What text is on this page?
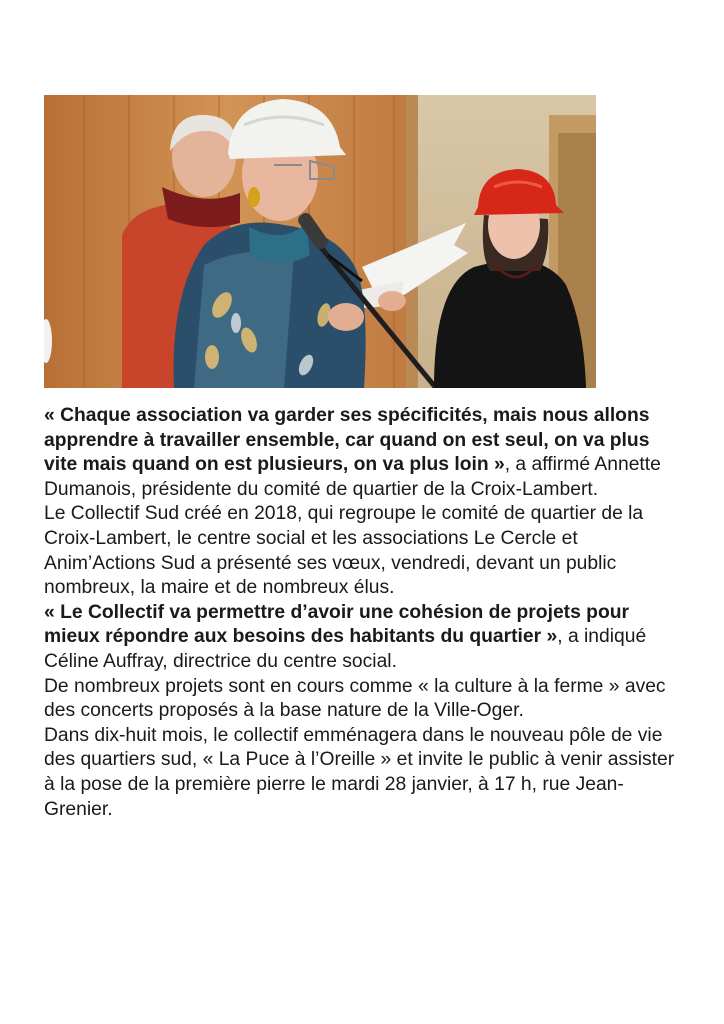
« Chaque association va garder ses spécificités, mais nous allons apprendre à travailler ensemble, car quand on est seul, on va plus vite mais quand on est plusieurs, on va plus loin », a affirmé Annette Dumanois, présidente du comité de quartier de la Croix-Lambert.

Le Collectif Sud créé en 2018, qui regroupe le comité de quartier de la Croix-Lambert, le centre social et les associations Le Cercle et Anim’Actions Sud a présenté ses vœux, vendredi, devant un public nombreux, la maire et de nombreux élus.

« Le Collectif va permettre d’avoir une cohésion de projets pour mieux répondre aux besoins des habitants du quartier », a indiqué Céline Auffray, directrice du centre social.

De nombreux projets sont en cours comme « la culture à la ferme » avec des concerts proposés à la base nature de la Ville-Oger.

Dans dix-huit mois, le collectif emménagera dans le nouveau pôle de vie des quartiers sud, « La Puce à l’Oreille » et invite le public à venir assister à la pose de la première pierre le mardi 28 janvier, à 17 h, rue Jean- Grenier.
